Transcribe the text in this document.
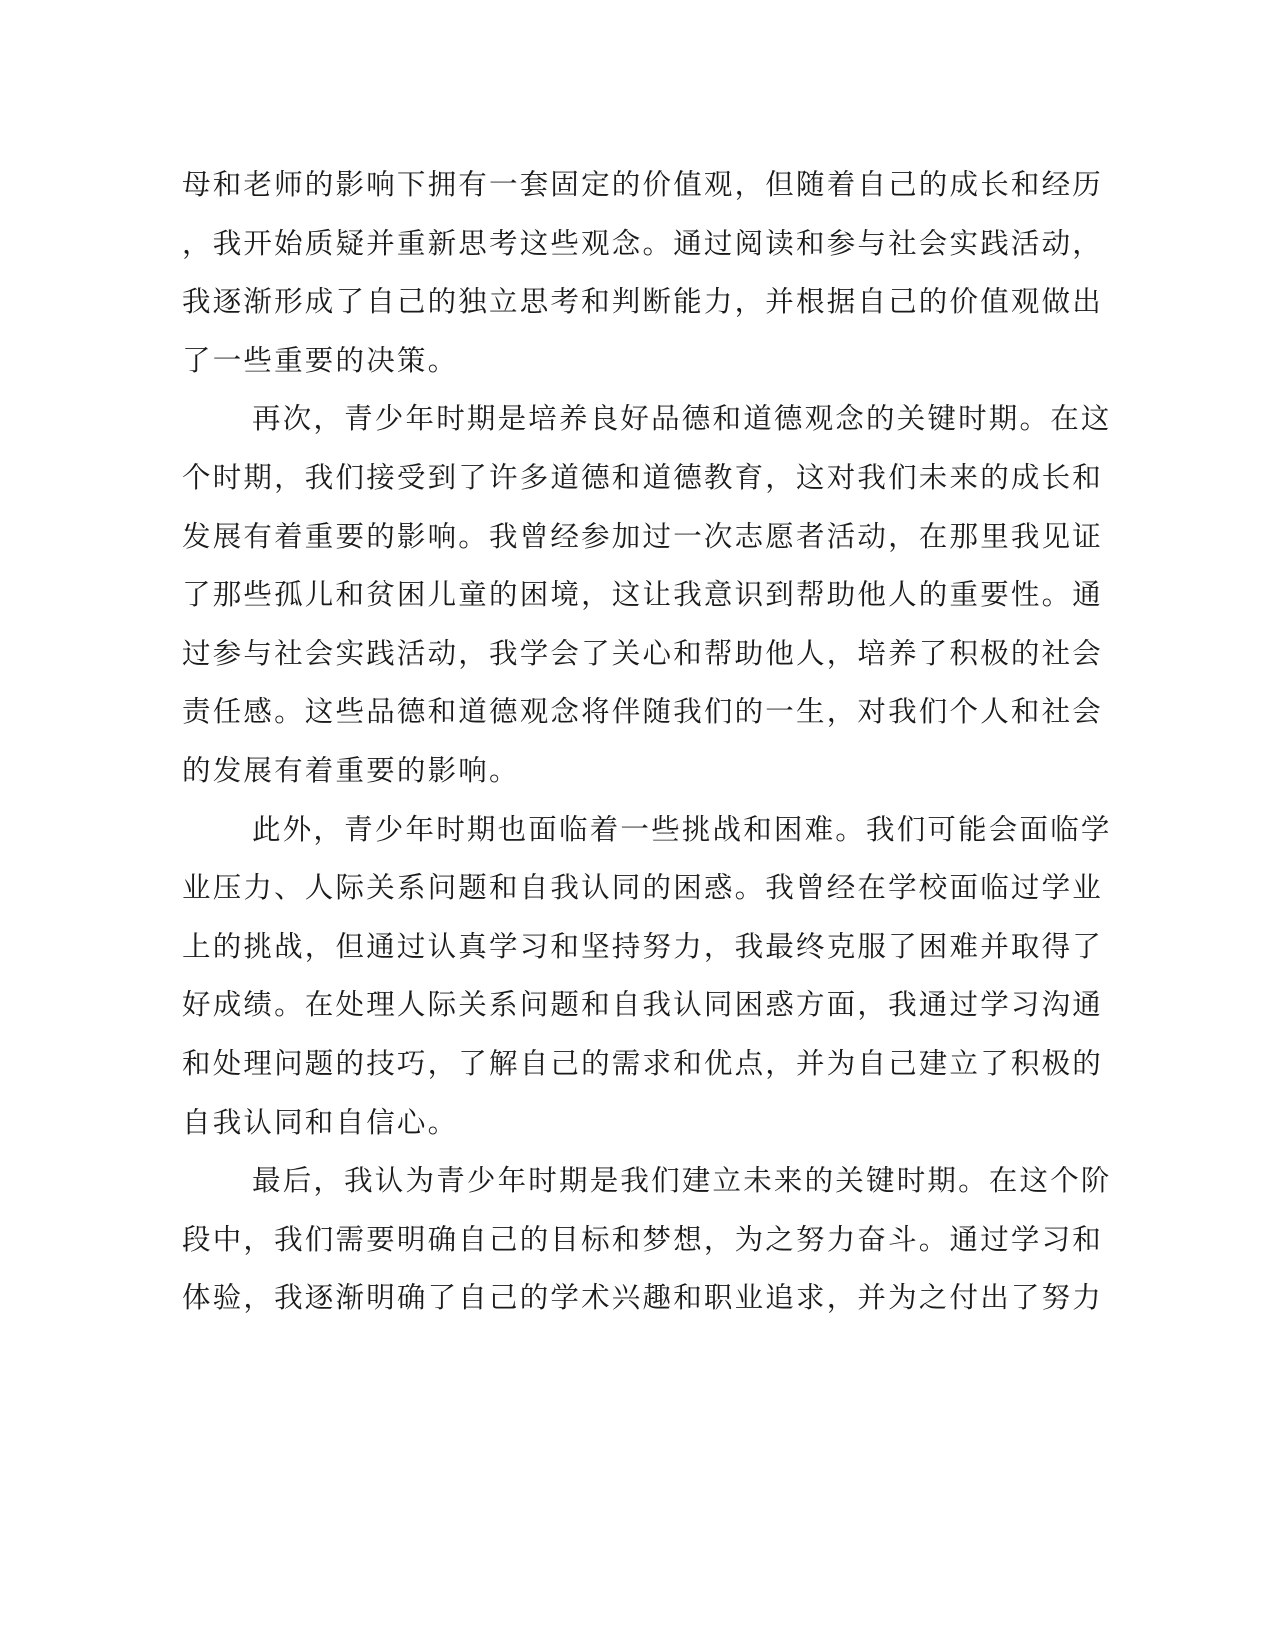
母和老师的影响下拥有一套固定的价值观，但随着自己的成长和经历
，我开始质疑并重新思考这些观念。通过阅读和参与社会实践活动，
我逐渐形成了自己的独立思考和判断能力，并根据自己的价值观做出
了一些重要的决策。
再次，青少年时期是培养良好品德和道德观念的关键时期。在这
个时期，我们接受到了许多道德和道德教育，这对我们未来的成长和
发展有着重要的影响。我曾经参加过一次志愿者活动，在那里我见证
了那些孤儿和贫困儿童的困境，这让我意识到帮助他人的重要性。通
过参与社会实践活动，我学会了关心和帮助他人，培养了积极的社会
责任感。这些品德和道德观念将伴随我们的一生，对我们个人和社会
的发展有着重要的影响。
此外，青少年时期也面临着一些挑战和困难。我们可能会面临学
业压力、人际关系问题和自我认同的困惑。我曾经在学校面临过学业
上的挑战，但通过认真学习和坚持努力，我最终克服了困难并取得了
好成绩。在处理人际关系问题和自我认同困惑方面，我通过学习沟通
和处理问题的技巧，了解自己的需求和优点，并为自己建立了积极的
自我认同和自信心。
最后，我认为青少年时期是我们建立未来的关键时期。在这个阶
段中，我们需要明确自己的目标和梦想，为之努力奋斗。通过学习和
体验，我逐渐明确了自己的学术兴趣和职业追求，并为之付出了努力
